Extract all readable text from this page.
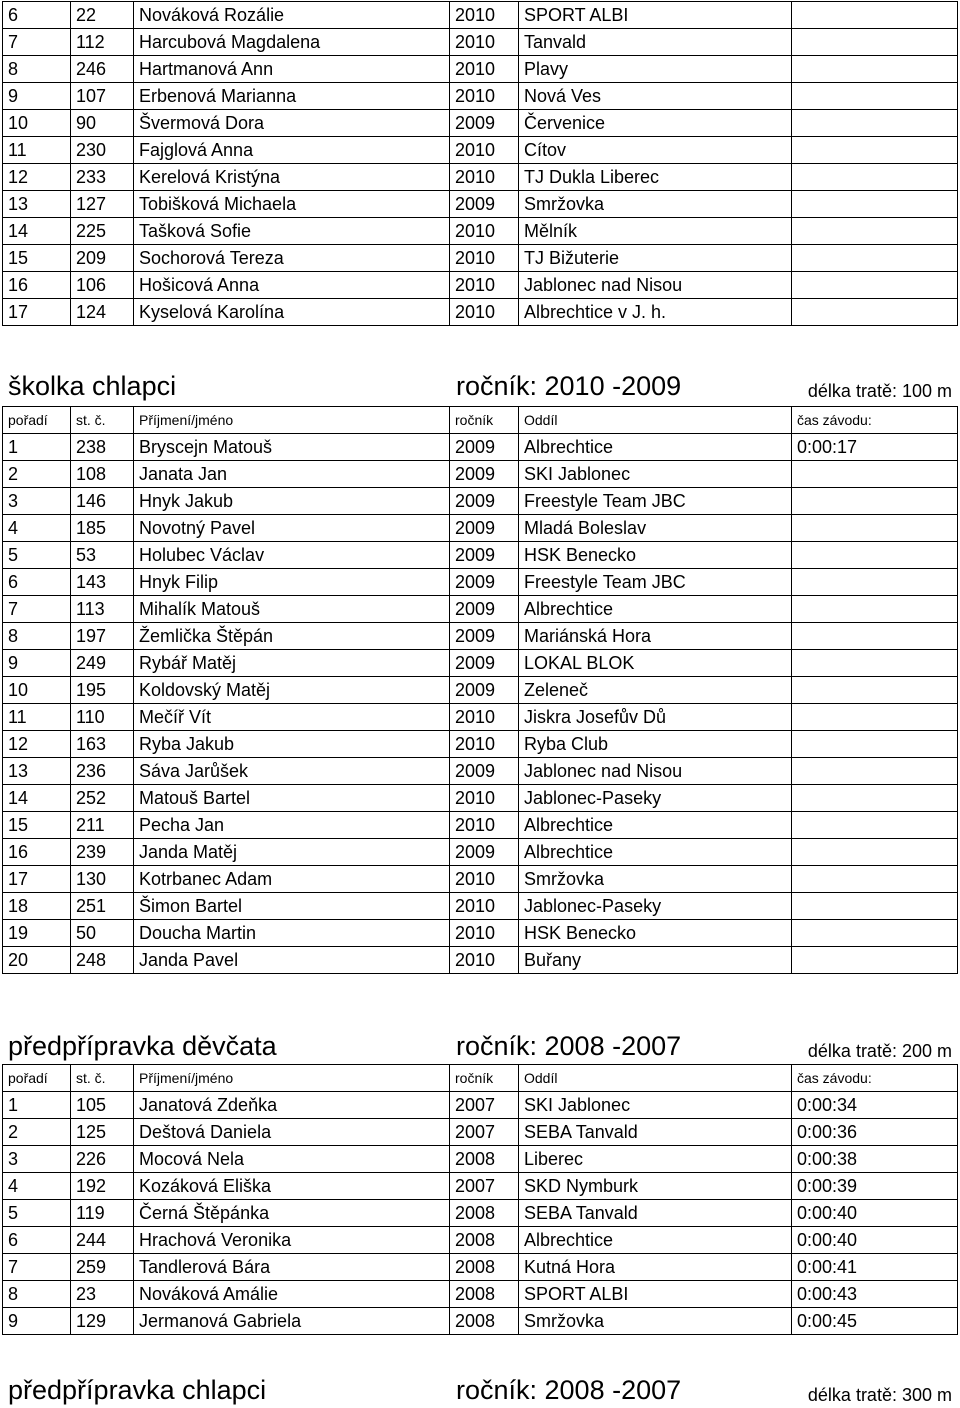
6	22	Nováková Rozálie	2010	SPORT ALBI	
7	112	Harcubová Magdalena	2010	Tanvald	
8	246	Hartmanová Ann	2010	Plavy	
9	107	Erbenová Marianna	2010	Nová Ves	
10	90	Švermová Dora	2009	Červenice	
11	230	Fajglová Anna	2010	Cítov	
12	233	Kerelová Kristýna	2010	TJ Dukla Liberec	
13	127	Tobišková Michaela	2009	Smržovka	
14	225	Tašková Sofie	2010	Mělník	
15	209	Sochorová Tereza	2010	TJ Bižuterie	
16	106	Hošicová Anna	2010	Jablonec nad Nisou	
17	124	Kyselová Karolína	2010	Albrechtice v J. h.	
školka chlapci	ročník: 2010 -2009	délka tratě: 100 m
pořadí	st. č.	Příjmení/jméno	ročník	Oddíl	čas závodu:
1	238	Bryscejn Matouš	2009	Albrechtice	0:00:17
2	108	Janata Jan	2009	SKI Jablonec	
3	146	Hnyk Jakub	2009	Freestyle Team JBC	
4	185	Novotný Pavel	2009	Mladá Boleslav	
5	53	Holubec Václav	2009	HSK Benecko	
6	143	Hnyk Filip	2009	Freestyle Team JBC	
7	113	Mihalík Matouš	2009	Albrechtice	
8	197	Žemlička Štěpán	2009	Mariánská Hora	
9	249	Rybář Matěj	2009	LOKAL BLOK	
10	195	Koldovský Matěj	2009	Zeleneč	
11	110	Mečíř Vít	2010	Jiskra Josefův Dů	
12	163	Ryba Jakub	2010	Ryba Club	
13	236	Sáva Jarůšek	2009	Jablonec nad Nisou	
14	252	Matouš Bartel	2010	Jablonec-Paseky	
15	211	Pecha Jan	2010	Albrechtice	
16	239	Janda Matěj	2009	Albrechtice	
17	130	Kotrbanec Adam	2010	Smržovka	
18	251	Šimon Bartel	2010	Jablonec-Paseky	
19	50	Doucha Martin	2010	HSK Benecko	
20	248	Janda Pavel	2010	Buřany	
předpřípravka děvčata	ročník: 2008 -2007	délka tratě: 200 m
pořadí	st. č.	Příjmení/jméno	ročník	Oddíl	čas závodu:
1	105	Janatová Zdeňka	2007	SKI Jablonec	0:00:34
2	125	Deštová Daniela	2007	SEBA Tanvald	0:00:36
3	226	Mocová Nela	2008	Liberec	0:00:38
4	192	Kozáková Eliška	2007	SKD Nymburk	0:00:39
5	119	Černá Štěpánka	2008	SEBA Tanvald	0:00:40
6	244	Hrachová Veronika	2008	Albrechtice	0:00:40
7	259	Tandlerová Bára	2008	Kutná Hora	0:00:41
8	23	Nováková Amálie	2008	SPORT ALBI	0:00:43
9	129	Jermanová Gabriela	2008	Smržovka	0:00:45
předpřípravka chlapci	ročník: 2008 -2007	délka tratě: 300 m
